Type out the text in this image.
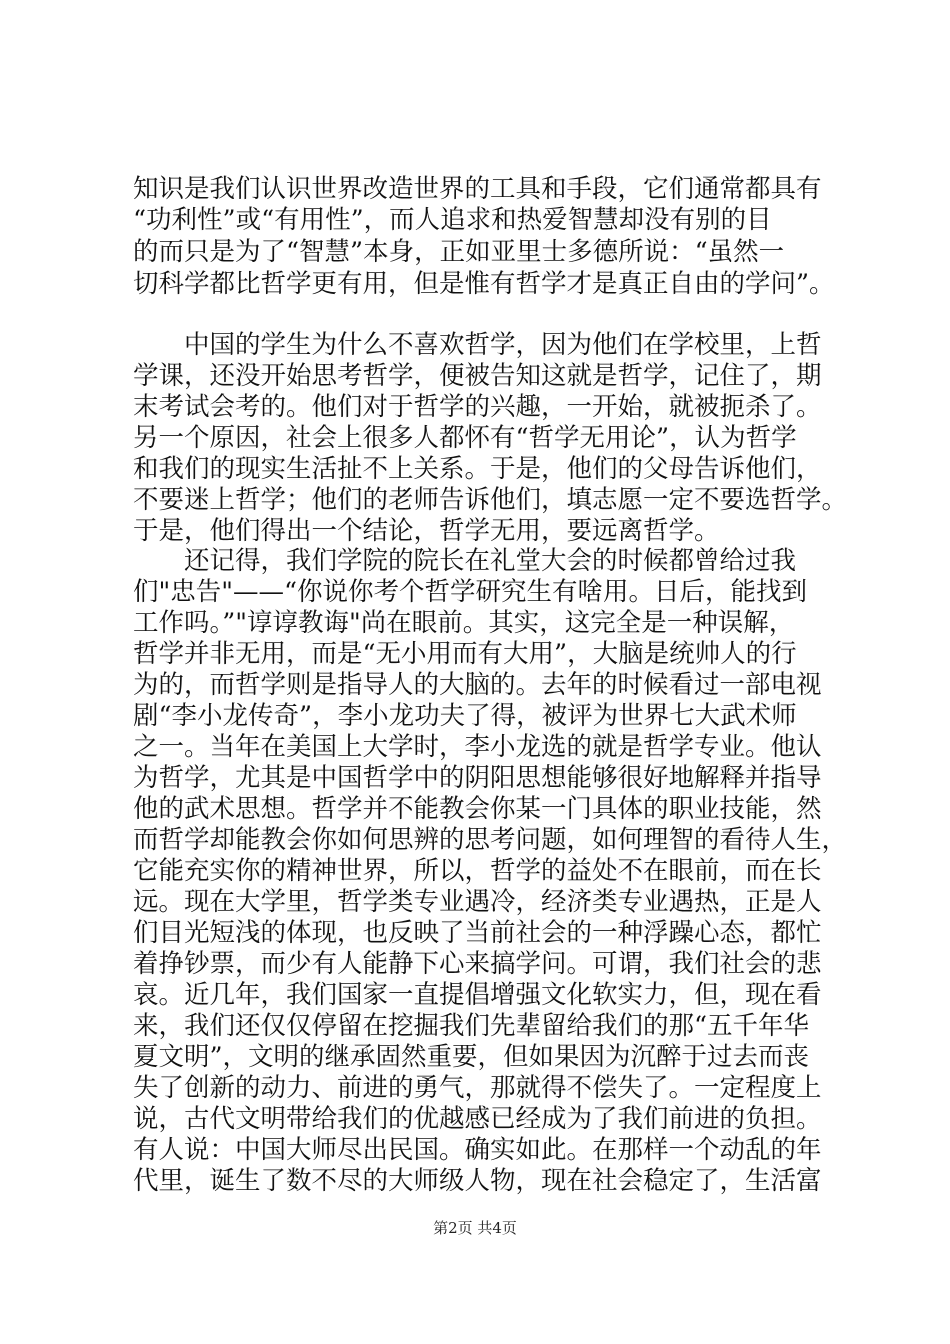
知识是我们认识世界改造世界的工具和手段，它们通常都具有
“功利性”或“有用性”，而人追求和热爱智慧却没有别的目
的而只是为了“智慧”本身，正如亚里士多德所说：“虽然一
切科学都比哲学更有用，但是惟有哲学才是真正自由的学问”。
　　中国的学生为什么不喜欢哲学，因为他们在学校里，上哲
学课，还没开始思考哲学，便被告知这就是哲学，记住了，期
末考试会考的。他们对于哲学的兴趣，一开始，就被扼杀了。
另一个原因，社会上很多人都怀有“哲学无用论”，认为哲学
和我们的现实生活扯不上关系。于是，他们的父母告诉他们，
不要迷上哲学；他们的老师告诉他们，填志愿一定不要选哲学。
于是，他们得出一个结论，哲学无用，要远离哲学。
　　还记得，我们学院的院长在礼堂大会的时候都曾给过我
们"忠告"——“你说你考个哲学研究生有啥用。日后，能找到
工作吗。”"谆谆教诲"尚在眼前。其实，这完全是一种误解，
哲学并非无用，而是“无小用而有大用”，大脑是统帅人的行
为的，而哲学则是指导人的大脑的。去年的时候看过一部电视
剧“李小龙传奇”，李小龙功夫了得，被评为世界七大武术师
之一。当年在美国上大学时，李小龙选的就是哲学专业。他认
为哲学，尤其是中国哲学中的阴阳思想能够很好地解释并指导
他的武术思想。哲学并不能教会你某一门具体的职业技能，然
而哲学却能教会你如何思辨的思考问题，如何理智的看待人生，
它能充实你的精神世界，所以，哲学的益处不在眼前，而在长
远。现在大学里，哲学类专业遇冷，经济类专业遇热，正是人
们目光短浅的体现，也反映了当前社会的一种浮躁心态，都忙
着挣钞票，而少有人能静下心来搞学问。可谓，我们社会的悲
哀。近几年，我们国家一直提倡增强文化软实力，但，现在看
来，我们还仅仅停留在挖掘我们先辈留给我们的那“五千年华
夏文明”，文明的继承固然重要，但如果因为沉醉于过去而丧
失了创新的动力、前进的勇气，那就得不偿失了。一定程度上
说，古代文明带给我们的优越感已经成为了我们前进的负担。
有人说：中国大师尽出民国。确实如此。在那样一个动乱的年
代里，诞生了数不尽的大师级人物，现在社会稳定了，生活富
第2页 共4页
